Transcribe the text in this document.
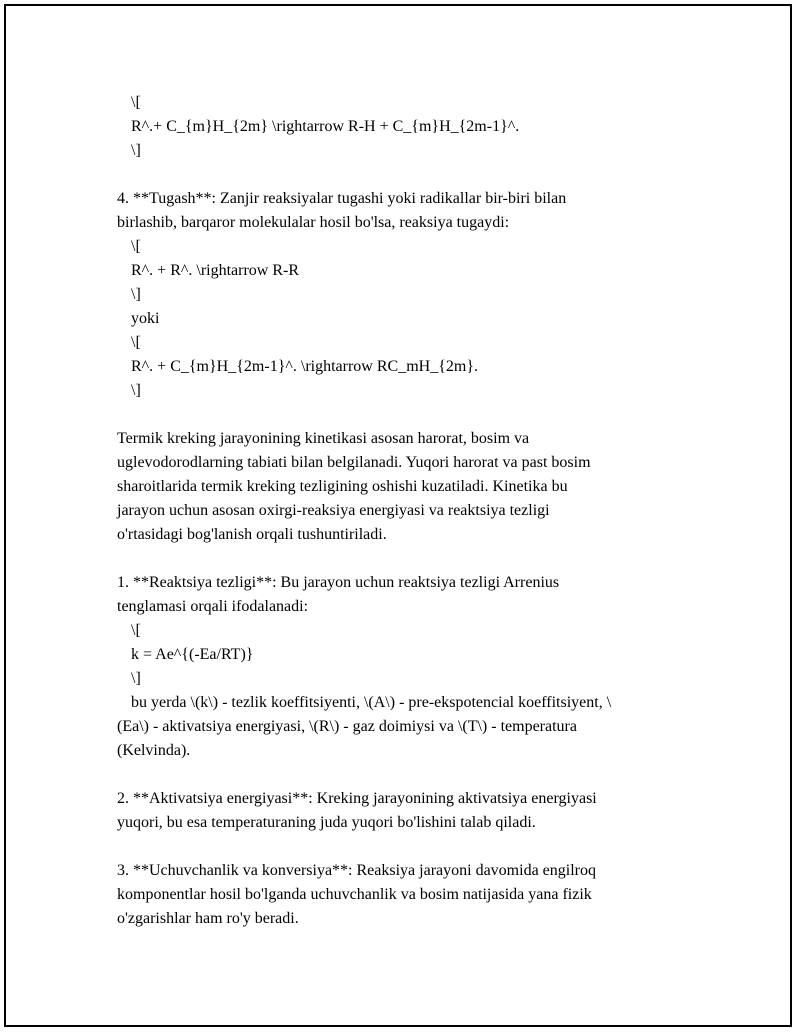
\[
R^.+ C_{m}H_{2m} \rightarrow R-H + C_{m}H_{2m-1}^.
\]
4. **Tugash**: Zanjir reaksiyalar tugashi yoki radikallar bir-biri bilan
birlashib, barqaror molekulalar hosil bo'lsa, reaksiya tugaydi:
\[
R^. + R^. \rightarrow R-R
\]
yoki
\[
R^. + C_{m}H_{2m-1}^. \rightarrow RC_mH_{2m}.
\]
Termik kreking jarayonining kinetikasi asosan harorat, bosim va
uglevodorodlarning tabiati bilan belgilanadi. Yuqori harorat va past bosim
sharoitlarida termik kreking tezligining oshishi kuzatiladi. Kinetika bu
jarayon uchun asosan oxirgi-reaksiya energiyasi va reaktsiya tezligi
o'rtasidagi bog'lanish orqali tushuntiriladi.
1. **Reaktsiya tezligi**: Bu jarayon uchun reaktsiya tezligi Arrenius
tenglamasi orqali ifodalanadi:
\[
k = Ae^{(-Ea/RT)}
\]
bu yerda \(k\) - tezlik koeffitsiyenti, \(A\) - pre-ekspotencial koeffitsiyent, \
(Ea\) - aktivatsiya energiyasi, \(R\) - gaz doimiysi va \(T\) - temperatura
(Kelvinda).
2. **Aktivatsiya energiyasi**: Kreking jarayonining aktivatsiya energiyasi
yuqori, bu esa temperaturaning juda yuqori bo'lishini talab qiladi.
3. **Uchuvchanlik va konversiya**: Reaksiya jarayoni davomida engilroq
komponentlar hosil bo'lganda uchuvchanlik va bosim natijasida yana fizik
o'zgarishlar ham ro'y beradi.
